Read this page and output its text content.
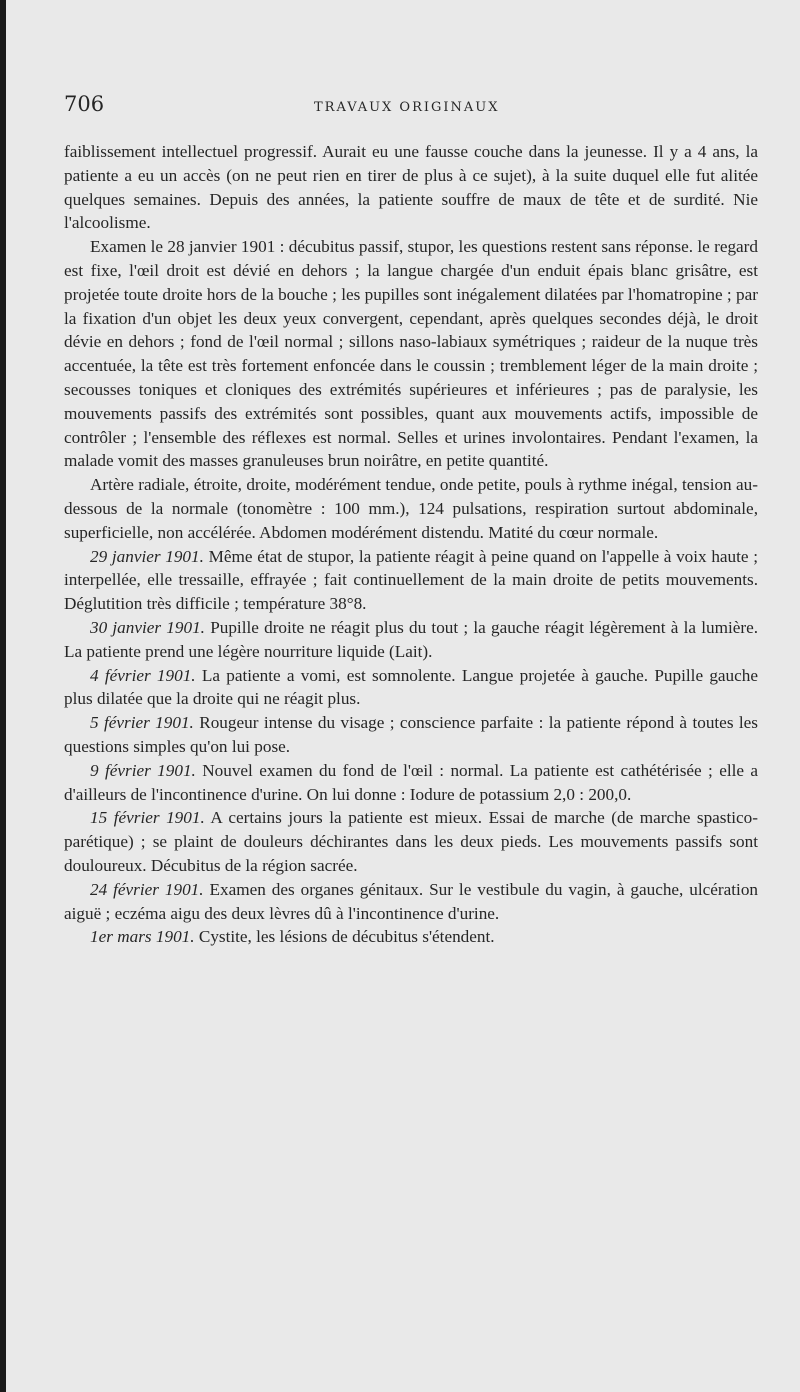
706	TRAVAUX ORIGINAUX

faiblissement intellectuel progressif. Aurait eu une fausse couche dans la jeunesse. Il y a 4 ans, la patiente a eu un accès (on ne peut rien en tirer de plus à ce sujet), à la suite duquel elle fut alitée quelques semaines. Depuis des années, la patiente souffre de maux de tête et de surdité. Nie l'alcoolisme.

Examen le 28 janvier 1901 : décubitus passif, stupor, les questions restent sans réponse. le regard est fixe, l'œil droit est dévié en dehors ; la langue chargée d'un enduit épais blanc grisâtre, est projetée toute droite hors de la bouche ; les pupilles sont inégalement dilatées par l'homatropine ; par la fixation d'un objet les deux yeux convergent, cependant, après quelques secondes déjà, le droit dévie en dehors ; fond de l'œil normal ; sillons naso-labiaux symétriques ; raideur de la nuque très accentuée, la tête est très fortement enfoncée dans le coussin ; tremblement léger de la main droite ; secousses toniques et cloniques des extrémités supérieures et inférieures ; pas de paralysie, les mouvements passifs des extrémités sont possibles, quant aux mouvements actifs, impossible de contrôler ; l'ensemble des réflexes est normal. Selles et urines involontaires. Pendant l'examen, la malade vomit des masses granuleuses brun noirâtre, en petite quantité.

Artère radiale, étroite, droite, modérément tendue, onde petite, pouls à rythme inégal, tension au-dessous de la normale (tonomètre : 100 mm.), 124 pulsations, respiration surtout abdominale, superficielle, non accélérée. Abdomen modérément distendu. Matité du cœur normale.

29 janvier 1901. Même état de stupor, la patiente réagit à peine quand on l'appelle à voix haute ; interpellée, elle tressaille, effrayée ; fait continuellement de la main droite de petits mouvements. Déglutition très difficile ; température 38°8.

30 janvier 1901. Pupille droite ne réagit plus du tout ; la gauche réagit légèrement à la lumière. La patiente prend une légère nourriture liquide (Lait).

4 février 1901. La patiente a vomi, est somnolente. Langue projetée à gauche. Pupille gauche plus dilatée que la droite qui ne réagit plus.

5 février 1901. Rougeur intense du visage ; conscience parfaite : la patiente répond à toutes les questions simples qu'on lui pose.

9 février 1901. Nouvel examen du fond de l'œil : normal. La patiente est cathétérisée ; elle a d'ailleurs de l'incontinence d'urine. On lui donne : Iodure de potassium 2,0 : 200,0.

15 février 1901. A certains jours la patiente est mieux. Essai de marche (de marche spastico-parétique) ; se plaint de douleurs déchirantes dans les deux pieds. Les mouvements passifs sont douloureux. Décubitus de la région sacrée.

24 février 1901. Examen des organes génitaux. Sur le vestibule du vagin, à gauche, ulcération aiguë ; eczéma aigu des deux lèvres dû à l'incontinence d'urine.

1er mars 1901. Cystite, les lésions de décubitus s'étendent.
